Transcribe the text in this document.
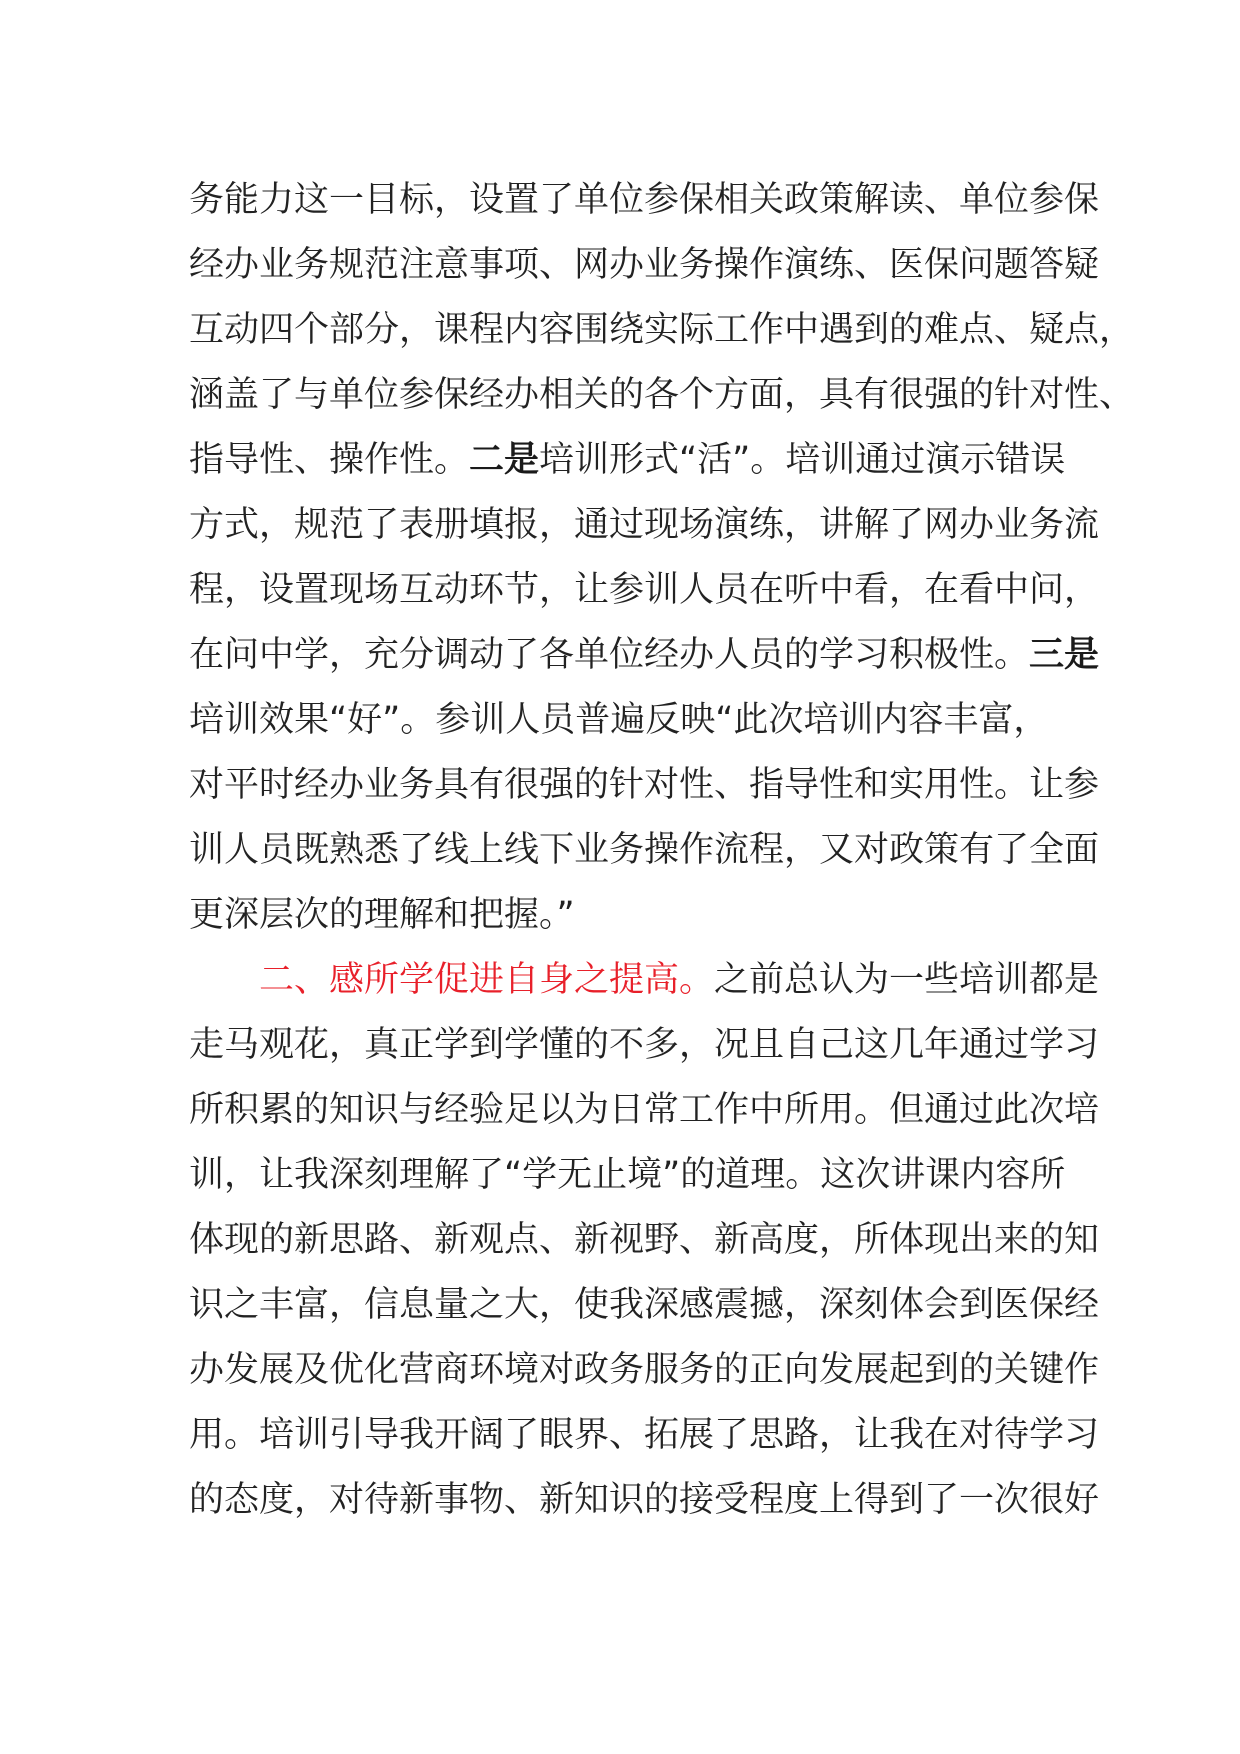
务能力这一目标，设置了单位参保相关政策解读、单位参保
经办业务规范注意事项、网办业务操作演练、医保问题答疑
互动四个部分，课程内容围绕实际工作中遇到的难点、疑点，
涵盖了与单位参保经办相关的各个方面，具有很强的针对性、
指导性、操作性。二是培训形式“活”。培训通过演示错误
方式，规范了表册填报，通过现场演练，讲解了网办业务流
程，设置现场互动环节，让参训人员在听中看，在看中问，
在问中学，充分调动了各单位经办人员的学习积极性。三是
培训效果“好”。参训人员普遍反映“此次培训内容丰富，
对平时经办业务具有很强的针对性、指导性和实用性。让参
训人员既熟悉了线上线下业务操作流程，又对政策有了全面
更深层次的理解和把握。”
二、感所学促进自身之提高。之前总认为一些培训都是
走马观花，真正学到学懂的不多，况且自己这几年通过学习
所积累的知识与经验足以为日常工作中所用。但通过此次培
训，让我深刻理解了“学无止境”的道理。这次讲课内容所
体现的新思路、新观点、新视野、新高度，所体现出来的知
识之丰富，信息量之大，使我深感震撼，深刻体会到医保经
办发展及优化营商环境对政务服务的正向发展起到的关键作
用。培训引导我开阔了眼界、拓展了思路，让我在对待学习
的态度，对待新事物、新知识的接受程度上得到了一次很好
